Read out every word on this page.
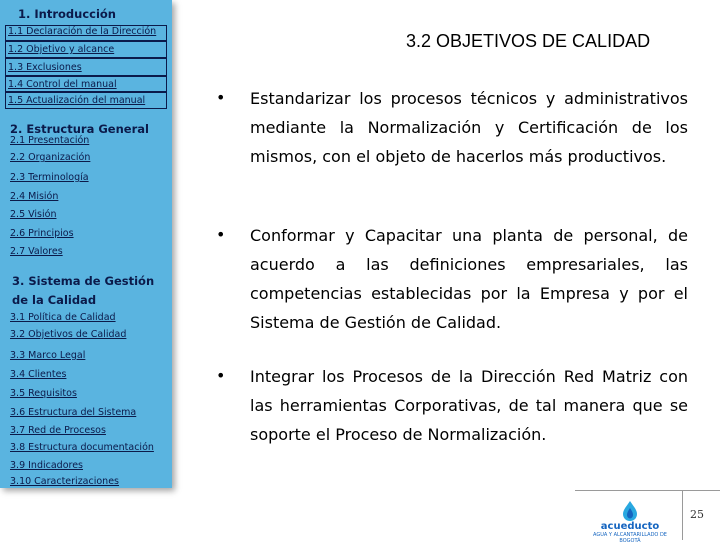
1. Introducción
1.1 Declaración de la Dirección
1.2 Objetivo y alcance
1.3 Exclusiones
1.4 Control del manual
1.5 Actualización del manual
2. Estructura General
2.1 Presentación
2.2 Organización
2.3 Terminología
2.4 Misión
2.5 Visión
2.6 Principios
2.7 Valores
3. Sistema de Gestión de la Calidad
3.1 Política de Calidad
3.2 Objetivos de Calidad
3.3 Marco Legal
3.4 Clientes
3.5 Requisitos
3.6 Estructura del Sistema
3.7 Red de Procesos
3.8 Estructura documentación
3.9 Indicadores
3.10 Caracterizaciones
3.2 OBJETIVOS DE CALIDAD
• Estandarizar los procesos técnicos y administrativos mediante la Normalización y Certificación de los mismos, con el objeto de hacerlos más productivos.
• Conformar y Capacitar una planta de personal, de acuerdo a las definiciones empresariales, las competencias establecidas por la Empresa y por el Sistema de Gestión de Calidad.
• Integrar los Procesos de la Dirección Red Matriz con las herramientas Corporativas, de tal manera que se soporte el Proceso de Normalización.
acueducto
AGUA Y ALCANTARILLADO DE BOGOTÁ
25
